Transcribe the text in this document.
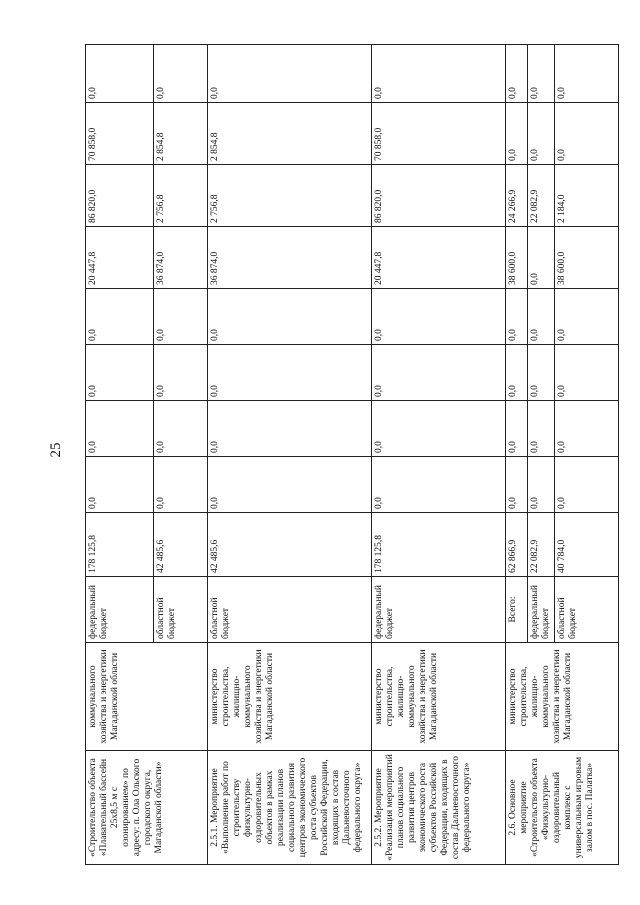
25
«Строительство объекта «Плавательный бассейн 25х8,5 м с озонированием» по адресу: п. Ола Ольского городского округа, Магаданской области»	коммунального хозяйства и энергетики Магаданской области	федеральный бюджет	178 125,8	0,0	0,0	0,0	0,0	20 447,8	86 820,0	70 858,0	0,0
		областной бюджет	42 485,6	0,0	0,0	0,0	0,0	36 874,0	2 756,8	2 854,8	0,0
2.5.1. Мероприятие «Выполнение работ по строительству физкультурно-оздоровительных объектов в рамках реализации планов социального развития центров экономического роста субъектов Российской Федерации, входящих в состав Дальневосточного федерального округа»	министерство строительства, жилищно-коммунального хозяйства и энергетики Магаданской области	областной бюджет	42 485,6	0,0	0,0	0,0	0,0	36 874,0	2 756,8	2 854,8	0,0
2.5.2. Мероприятие «Реализация мероприятий планов социального развития центров экономического роста субъектов Российской Федерации, входящих в состав Дальневосточного федерального округа»	министерство строительства, жилищно-коммунального хозяйства и энергетики Магаданской области	федеральный бюджет	178 125,8	0,0	0,0	0,0	0,0	20 447,8	86 820,0	70 858,0	0,0
2.6. Основное мероприятие «Строительство объекта «Физкультурно-оздоровительный комплекс с универсальным игровым залом в пос. Палатка»	министерство строительства, жилищно-коммунального хозяйства и энергетики Магаданской области	Всего:	62 866,9	0,0	0,0	0,0	0,0	38 600,0	24 266,9	0,0	0,0
		федеральный бюджет	22 082,9	0,0	0,0	0,0	0,0	0,0	22 082,9	0,0	0,0
		областной бюджет	40 784,0	0,0	0,0	0,0	0,0	38 600,0	2 184,0	0,0	0,0
